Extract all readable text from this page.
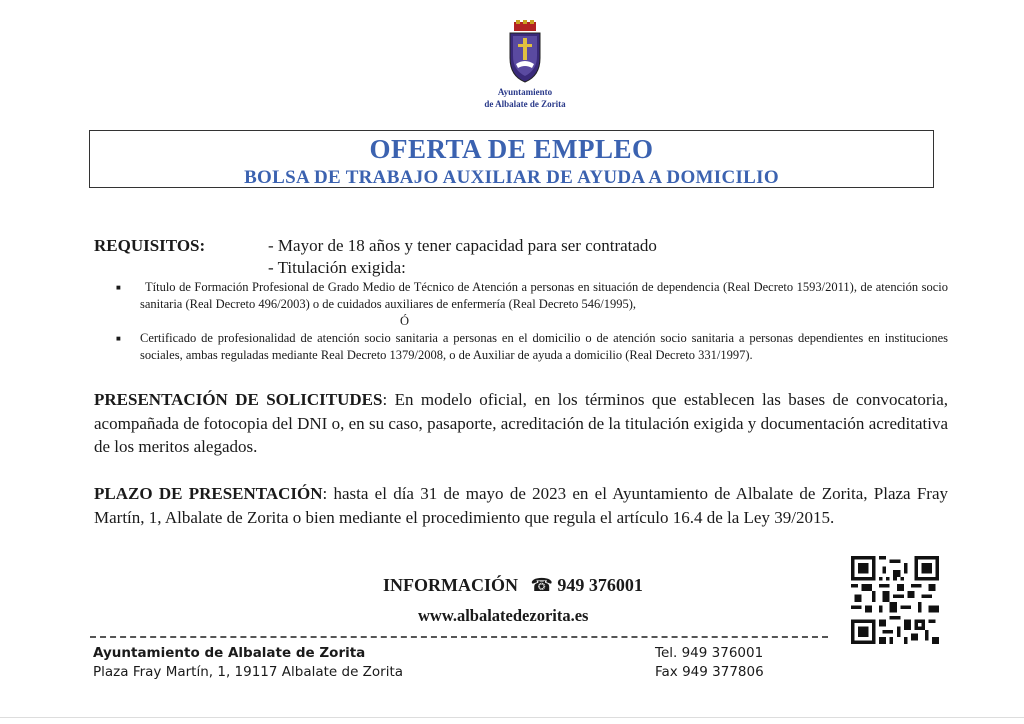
Ayuntamiento
de Albalate de Zorita
OFERTA DE EMPLEO
BOLSA DE TRABAJO AUXILIAR DE AYUDA A DOMICILIO
REQUISITOS:	- Mayor de 18 años y tener capacidad para ser contratado
- Titulación exigida:
■	Título de Formación Profesional de Grado Medio de Técnico de Atención a personas en situación de dependencia (Real Decreto 1593/2011), de atención socio sanitaria (Real Decreto 496/2003) o de cuidados auxiliares de enfermería (Real Decreto 546/1995),
Ó
■ Certificado de profesionalidad de atención socio sanitaria a personas en el domicilio o de atención socio sanitaria a personas dependientes en instituciones sociales, ambas reguladas mediante Real Decreto 1379/2008, o de Auxiliar de ayuda a domicilio (Real Decreto 331/1997).
PRESENTACIÓN DE SOLICITUDES: En modelo oficial, en los términos que establecen las bases de convocatoria, acompañada de fotocopia del DNI o, en su caso, pasaporte, acreditación de la titulación exigida y documentación acreditativa de los meritos alegados.
PLAZO DE PRESENTACIÓN: hasta el día 31 de mayo de 2023 en el Ayuntamiento de Albalate de Zorita, Plaza Fray Martín, 1, Albalate de Zorita o bien mediante el procedimiento que regula el artículo 16.4 de la Ley 39/2015.
INFORMACIÓN ☎ 949 376001
www.albalatedezorita.es
Ayuntamiento de Albalate de Zorita
Plaza Fray Martín, 1, 19117 Albalate de Zorita
Tel. 949 376001
Fax 949 377806
